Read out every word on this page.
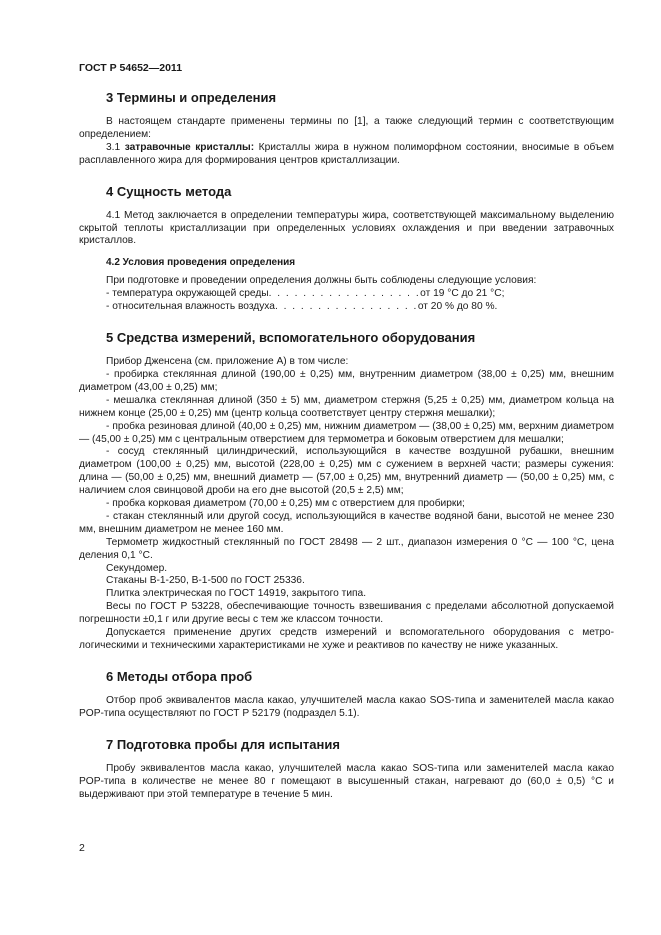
ГОСТ Р 54652—2011

3 Термины и определения

В настоящем стандарте применены термины по [1], а также следующий термин с соответствующим определением:

3.1 затравочные кристаллы: Кристаллы жира в нужном полиморфном состоянии, вносимые в объем расплавленного жира для формирования центров кристаллизации.

4 Сущность метода

4.1 Метод заключается в определении температуры жира, соответствующей максимальному выделению скрытой теплоты кристаллизации при определенных условиях охлаждения и при введении затравочных кристаллов.

4.2 Условия проведения определения

При подготовке и проведении определения должны быть соблюдены следующие условия:

- температура окружающей среды . . . . . . . . . . . . . . . . . . от 19 °С до 21 °С;

- относительная влажность воздуха . . . . . . . . . . . . . . . . . от 20 % до 80 %.

5 Средства измерений, вспомогательного оборудования

Прибор Дженсена (см. приложение А) в том числе:

- пробирка стеклянная длиной (190,00 ± 0,25) мм, внутренним диаметром (38,00 ± 0,25) мм, внешним диаметром (43,00 ± 0,25) мм;

- мешалка стеклянная длиной (350 ± 5) мм, диаметром стержня (5,25 ± 0,25) мм, диаметром кольца на нижнем конце (25,00 ± 0,25) мм (центр кольца соответствует центру стержня мешалки);

- пробка резиновая длиной (40,00 ± 0,25) мм, нижним диаметром — (38,00 ± 0,25) мм, верхним диаметром — (45,00 ± 0,25) мм с центральным отверстием для термометра и боковым отверстием для мешалки;

- сосуд стеклянный цилиндрический, использующийся в качестве воздушной рубашки, внешним диаметром (100,00 ± 0,25) мм, высотой (228,00 ± 0,25) мм с сужением в верхней части; размеры сужения: длина — (50,00 ± 0,25) мм, внешний диаметр — (57,00 ± 0,25) мм, внутренний диаметр — (50,00 ± 0,25) мм, с наличием слоя свинцовой дроби на его дне высотой (20,5 ± 2,5) мм;

- пробка корковая диаметром (70,00 ± 0,25) мм с отверстием для пробирки;

- стакан стеклянный или другой сосуд, использующийся в качестве водяной бани, высотой не менее 230 мм, внешним диаметром не менее 160 мм.

Термометр жидкостный стеклянный по ГОСТ 28498 — 2 шт., диапазон измерения 0 °С — 100 °С, цена деления 0,1 °С.

Секундомер.

Стаканы В-1-250, В-1-500 по ГОСТ 25336.

Плитка электрическая по ГОСТ 14919, закрытого типа.

Весы по ГОСТ Р 53228, обеспечивающие точность взвешивания с пределами абсолютной допускаемой погрешности ±0,1 г или другие весы с тем же классом точности.

Допускается применение других средств измерений и вспомогательного оборудования с метрологическими и техническими характеристиками не хуже и реактивов по качеству не ниже указанных.

6 Методы отбора проб

Отбор проб эквивалентов масла какао, улучшителей масла какао SOS-типа и заменителей масла какао POP-типа осуществляют по ГОСТ Р 52179 (подраздел 5.1).

7 Подготовка пробы для испытания

Пробу эквивалентов масла какао, улучшителей масла какао SOS-типа или заменителей масла какао POP-типа в количестве не менее 80 г помещают в высушенный стакан, нагревают до (60,0 ± 0,5) °С и выдерживают при этой температуре в течение 5 мин.

2
